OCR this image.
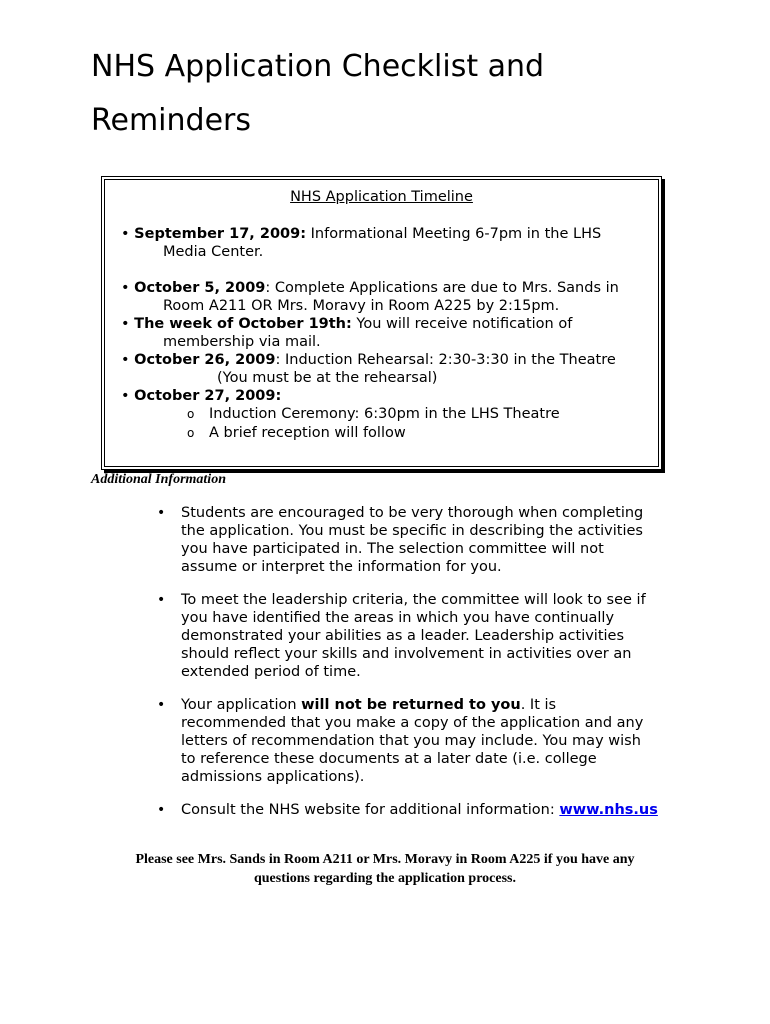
NHS Application Checklist and
Reminders
NHS Application Timeline
• September 17, 2009: Informational Meeting 6-7pm in the LHS
Media Center.
• October 5, 2009: Complete Applications are due to Mrs. Sands in
Room A211 OR Mrs. Moravy in Room A225 by 2:15pm.
• The week of October 19th: You will receive notification of
membership via mail.
• October 26, 2009: Induction Rehearsal: 2:30-3:30 in the Theatre
(You must be at the rehearsal)
• October 27, 2009:
o Induction Ceremony: 6:30pm in the LHS Theatre
o A brief reception will follow
Additional Information
• Students are encouraged to be very thorough when completing
the application. You must be specific in describing the activities
you have participated in. The selection committee will not
assume or interpret the information for you.
• To meet the leadership criteria, the committee will look to see if
you have identified the areas in which you have continually
demonstrated your abilities as a leader. Leadership activities
should reflect your skills and involvement in activities over an
extended period of time.
• Your application will not be returned to you. It is
recommended that you make a copy of the application and any
letters of recommendation that you may include. You may wish
to reference these documents at a later date (i.e. college
admissions applications).
• Consult the NHS website for additional information: www.nhs.us
Please see Mrs. Sands in Room A211 or Mrs. Moravy in Room A225 if you have any
questions regarding the application process.
